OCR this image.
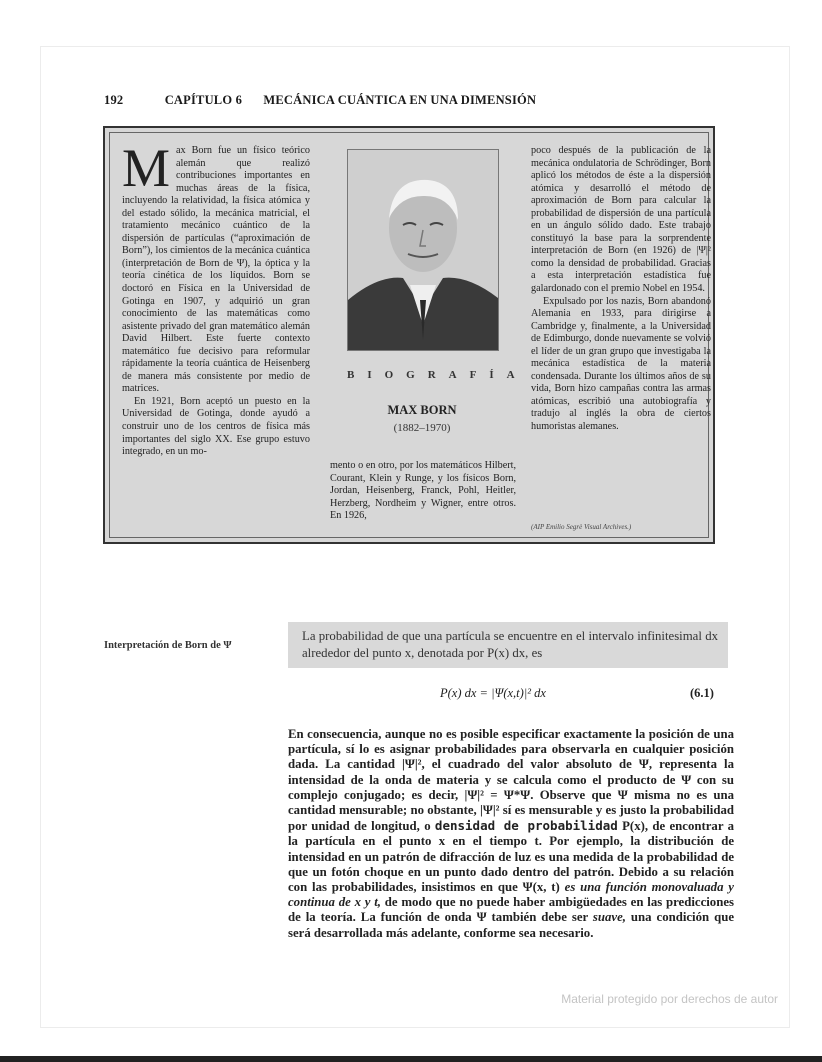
192	CAPÍTULO 6 MECÁNICA CUÁNTICA EN UNA DIMENSIÓN

Max Born fue un físico teórico alemán que realizó contribuciones importantes en muchas áreas de la física, incluyendo la relatividad, la física atómica y del estado sólido, la mecánica matricial, el tratamiento mecánico cuántico de la dispersión de partículas (“aproximación de Born”), los cimientos de la mecánica cuántica (interpretación de Born de Ψ), la óptica y la teoría cinética de los líquidos. Born se doctoró en Física en la Universidad de Gotinga en 1907, y adquirió un gran conocimiento de las matemáticas como asistente privado del gran matemático alemán David Hilbert. Este fuerte contexto matemático fue decisivo para reformular rápidamente la teoría cuántica de Heisenberg de manera más consistente por medio de matrices.

En 1921, Born aceptó un puesto en la Universidad de Gotinga, donde ayudó a construir uno de los centros de física más importantes del siglo XX. Ese grupo estuvo integrado, en un mo-

BIOGRAFÍA
MAX BORN
(1882–1970)
mento o en otro, por los matemáticos Hilbert, Courant, Klein y Runge, y los físicos Born, Jordan, Heisenberg, Franck, Pohl, Heitler, Herzberg, Nordheim y Wigner, entre otros. En 1926,

poco después de la publicación de la mecánica ondulatoria de Schrödinger, Born aplicó los métodos de éste a la dispersión atómica y desarrolló el método de aproximación de Born para calcular la probabilidad de dispersión de una partícula en un ángulo sólido dado. Este trabajo constituyó la base para la sorprendente interpretación de Born (en 1926) de |Ψ|² como la densidad de probabilidad. Gracias a esta interpretación estadística fue galardonado con el premio Nobel en 1954.

Expulsado por los nazis, Born abandonó Alemania en 1933, para dirigirse a Cambridge y, finalmente, a la Universidad de Edimburgo, donde nuevamente se volvió el líder de un gran grupo que investigaba la mecánica estadística de la materia condensada. Durante los últimos años de su vida, Born hizo campañas contra las armas atómicas, escribió una autobiografía y tradujo al inglés la obra de ciertos humoristas alemanes.

(AIP Emilio Segrè Visual Archives.)
Interpretación de Born de Ψ
La probabilidad de que una partícula se encuentre en el intervalo infinitesimal dx alrededor del punto x, denotada por P(x) dx, es
P(x) dx = |Ψ(x,t)|² dx	(6.1)
En consecuencia, aunque no es posible especificar exactamente la posición de una partícula, sí lo es asignar probabilidades para observarla en cualquier posición dada. La cantidad |Ψ|², el cuadrado del valor absoluto de Ψ, representa la intensidad de la onda de materia y se calcula como el producto de Ψ con su complejo conjugado; es decir, |Ψ|² = Ψ*Ψ. Observe que Ψ misma no es una cantidad mensurable; no obstante, |Ψ|² sí es mensurable y es justo la probabilidad por unidad de longitud, o densidad de probabilidad P(x), de encontrar a la partícula en el punto x en el tiempo t. Por ejemplo, la distribución de intensidad en un patrón de difracción de luz es una medida de la probabilidad de que un fotón choque en un punto dado dentro del patrón. Debido a su relación con las probabilidades, insistimos en que Ψ(x, t) es una función monovaluada y continua de x y t, de modo que no puede haber ambigüedades en las predicciones de la teoría. La función de onda Ψ también debe ser suave, una condición que será desarrollada más adelante, conforme sea necesario.
Material protegido por derechos de autor
